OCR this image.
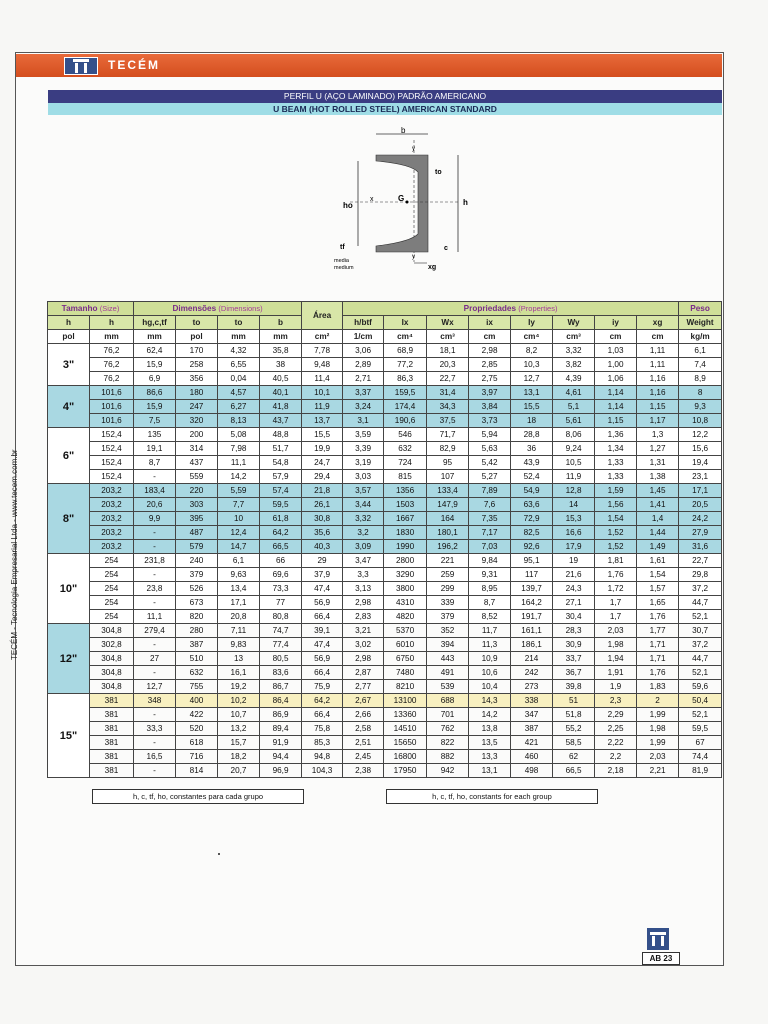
TECÉM
PERFIL U (AÇO LAMINADO) PADRÃO AMERICANO
U BEAM (HOT ROLLED STEEL) AMERICAN STANDARD
b
y
y
x	G	h
ho
to
tf	c
media
medium	xg
Tamanho (Size)		Dimensões (Dimensions)				Área	Propriedades (Properties)								Peso
h	h	hg,c,tf	to	to	b		h/btf	Ix	Wx	ix	Iy	Wy	iy	xg	Weight
pol	mm	mm	pol	mm	mm	cm²	1/cm	cm⁴	cm³	cm	cm⁴	cm³	cm	cm	kg/m
3"	76,2	62,4	170	4,32	35,8	7,78	3,06	68,9	18,1	2,98	8,2	3,32	1,03	1,11	6,1
	76,2	15,9	258	6,55	38	9,48	2,89	77,2	20,3	2,85	10,3	3,82	1,00	1,11	7,4
	76,2	6,9	356	0,04	40,5	11,4	2,71	86,3	22,7	2,75	12,7	4,39	1,06	1,16	8,9
4"	101,6	86,6	180	4,57	40,1	10,1	3,37	159,5	31,4	3,97	13,1	4,61	1,14	1,16	8
	101,6	15,9	247	6,27	41,8	11,9	3,24	174,4	34,3	3,84	15,5	5,1	1,14	1,15	9,3
	101,6	7,5	320	8,13	43,7	13,7	3,1	190,6	37,5	3,73	18	5,61	1,15	1,17	10,8
6"	152,4	135	200	5,08	48,8	15,5	3,59	546	71,7	5,94	28,8	8,06	1,36	1,3	12,2
	152,4	19,1	314	7,98	51,7	19,9	3,39	632	82,9	5,63	36	9,24	1,34	1,27	15,6
	152,4	8,7	437	11,1	54,8	24,7	3,19	724	95	5,42	43,9	10,5	1,33	1,31	19,4
	152,4	-	559	14,2	57,9	29,4	3,03	815	107	5,27	52,4	11,9	1,33	1,38	23,1
8"	203,2	183,4	220	5,59	57,4	21,8	3,57	1356	133,4	7,89	54,9	12,8	1,59	1,45	17,1
	203,2	20,6	303	7,7	59,5	26,1	3,44	1503	147,9	7,6	63,6	14	1,56	1,41	20,5
	203,2	9,9	395	10	61,8	30,8	3,32	1667	164	7,35	72,9	15,3	1,54	1,4	24,2
	203,2	-	487	12,4	64,2	35,6	3,2	1830	180,1	7,17	82,5	16,6	1,52	1,44	27,9
	203,2	-	579	14,7	66,5	40,3	3,09	1990	196,2	7,03	92,6	17,9	1,52	1,49	31,6
10"	254	231,8	240	6,1	66	29	3,47	2800	221	9,84	95,1	19	1,81	1,61	22,7
	254	-	379	9,63	69,6	37,9	3,3	3290	259	9,31	117	21,6	1,76	1,54	29,8
	254	23,8	526	13,4	73,3	47,4	3,13	3800	299	8,95	139,7	24,3	1,72	1,57	37,2
	254	-	673	17,1	77	56,9	2,98	4310	339	8,7	164,2	27,1	1,7	1,65	44,7
	254	11,1	820	20,8	80,8	66,4	2,83	4820	379	8,52	191,7	30,4	1,7	1,76	52,1
12"	304,8	279,4	280	7,11	74,7	39,1	3,21	5370	352	11,7	161,1	28,3	2,03	1,77	30,7
	302,8	-	387	9,83	77,4	47,4	3,02	6010	394	11,3	186,1	30,9	1,98	1,71	37,2
	304,8	27	510	13	80,5	56,9	2,98	6750	443	10,9	214	33,7	1,94	1,71	44,7
	304,8	-	632	16,1	83,6	66,4	2,87	7480	491	10,6	242	36,7	1,91	1,76	52,1
	304,8	12,7	755	19,2	86,7	75,9	2,77	8210	539	10,4	273	39,8	1,9	1,83	59,6
15"	381	348	400	10,2	86,4	64,2	2,67	13100	688	14,3	338	51	2,3	2	50,4
	381	-	422	10,7	86,9	66,4	2,66	13360	701	14,2	347	51,8	2,29	1,99	52,1
	381	33,3	520	13,2	89,4	75,8	2,58	14510	762	13,8	387	55,2	2,25	1,98	59,5
	381	-	618	15,7	91,9	85,3	2,51	15650	822	13,5	421	58,5	2,22	1,99	67
	381	16,5	716	18,2	94,4	94,8	2,45	16800	882	13,3	460	62	2,2	2,03	74,4
	381	-	814	20,7	96,9	104,3	2,38	17950	942	13,1	498	66,5	2,18	2,21	81,9
h, c, tf, ho, constantes para cada grupo	h, c, tf, ho, constants for each group
TECÉM - Tecnologia Empresarial Ltda - www.tecem.com.br
AB 23
